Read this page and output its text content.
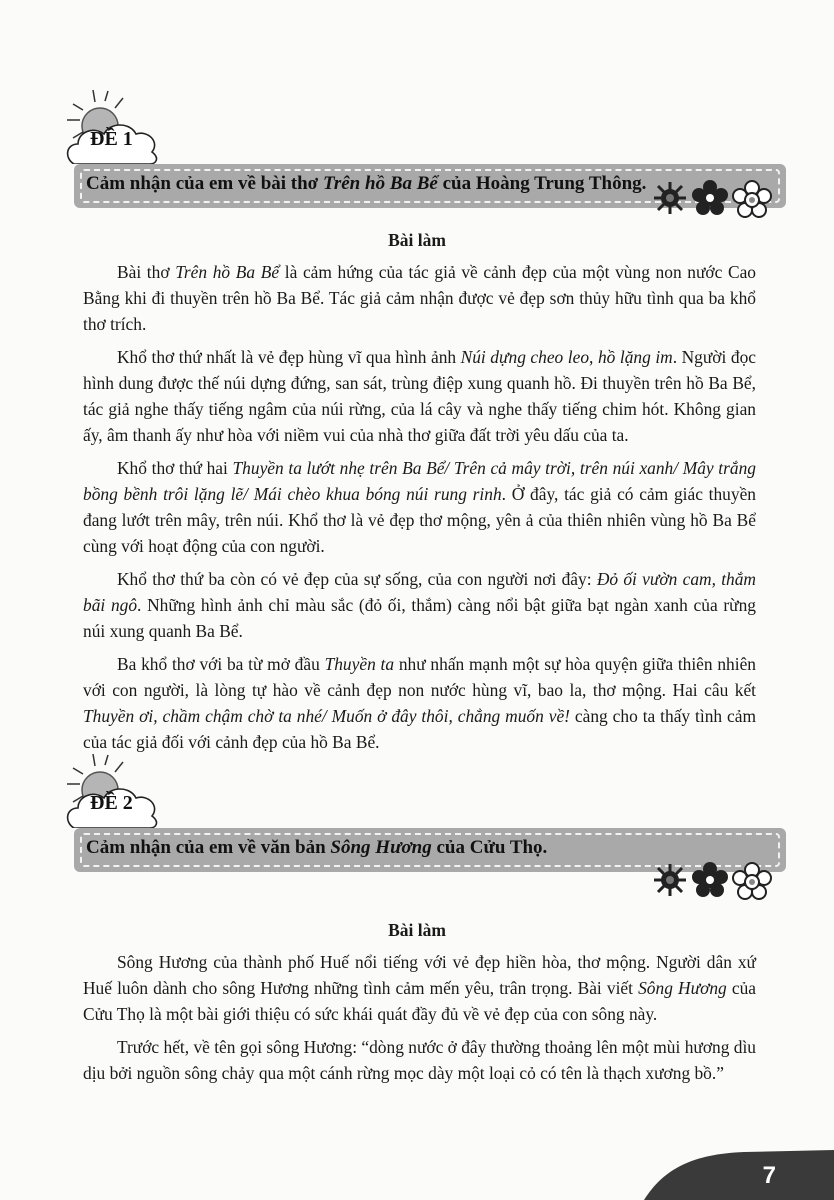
Cảm nhận của em về bài thơ Trên hồ Ba Bể của Hoàng Trung Thông.
ĐỀ 1
Bài làm

Bài thơ Trên hồ Ba Bể là cảm hứng của tác giả về cảnh đẹp của một vùng non nước Cao Bằng khi đi thuyền trên hồ Ba Bể. Tác giả cảm nhận được vẻ đẹp sơn thủy hữu tình qua ba khổ thơ trích.

Khổ thơ thứ nhất là vẻ đẹp hùng vĩ qua hình ảnh Núi dựng cheo leo, hồ lặng im. Người đọc hình dung được thế núi dựng đứng, san sát, trùng điệp xung quanh hồ. Đi thuyền trên hồ Ba Bể, tác giả nghe thấy tiếng ngâm của núi rừng, của lá cây và nghe thấy tiếng chim hót. Không gian ấy, âm thanh ấy như hòa với niềm vui của nhà thơ giữa đất trời yêu dấu của ta.

Khổ thơ thứ hai Thuyền ta lướt nhẹ trên Ba Bể/ Trên cả mây trời, trên núi xanh/ Mây trắng bồng bềnh trôi lặng lẽ/ Mái chèo khua bóng núi rung rinh. Ở đây, tác giả có cảm giác thuyền đang lướt trên mây, trên núi. Khổ thơ là vẻ đẹp thơ mộng, yên ả của thiên nhiên vùng hồ Ba Bể cùng với hoạt động của con người.

Khổ thơ thứ ba còn có vẻ đẹp của sự sống, của con người nơi đây: Đỏ ối vườn cam, thắm bãi ngô. Những hình ảnh chỉ màu sắc (đỏ ối, thắm) càng nổi bật giữa bạt ngàn xanh của rừng núi xung quanh Ba Bể.

Ba khổ thơ với ba từ mở đầu Thuyền ta như nhấn mạnh một sự hòa quyện giữa thiên nhiên với con người, là lòng tự hào về cảnh đẹp non nước hùng vĩ, bao la, thơ mộng. Hai câu kết Thuyền ơi, chầm chậm chờ ta nhé/ Muốn ở đây thôi, chẳng muốn về! càng cho ta thấy tình cảm của tác giả đối với cảnh đẹp của hồ Ba Bể.

Cảm nhận của em về văn bản Sông Hương của Cửu Thọ.
ĐỀ 2
Bài làm

Sông Hương của thành phố Huế nổi tiếng với vẻ đẹp hiền hòa, thơ mộng. Người dân xứ Huế luôn dành cho sông Hương những tình cảm mến yêu, trân trọng. Bài viết Sông Hương của Cửu Thọ là một bài giới thiệu có sức khái quát đầy đủ về vẻ đẹp của con sông này.

Trước hết, về tên gọi sông Hương: “dòng nước ở đây thường thoảng lên một mùi hương dìu dịu bởi nguồn sông chảy qua một cánh rừng mọc dày một loại cỏ có tên là thạch xương bồ.”

7
